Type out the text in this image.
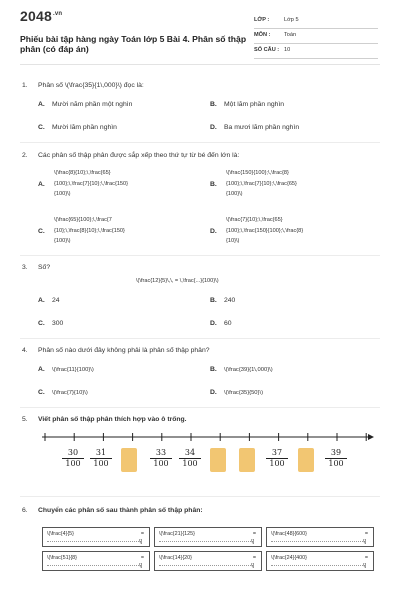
$2048^{.vn}$
Phiếu bài tập hàng ngày Toán lớp 5 Bài 4. Phân số thập phân (có đáp án)
LỚP :	Lớp 5
MÔN : Toán
SỐ CÂU : 10
1. Phân số \(\frac{35}{1\,000}\) đọc là:
A. Mười năm phần một nghìn	B. Một lăm phần nghìn
C. Mười lăm phần nghìn	D. Ba mươi lăm phần nghìn
2. Các phân số thập phân được sắp xếp theo thứ tự từ bé đến lớn là:
A.
\(\frac{8}{10};\,\frac{65}
{100};\,\frac{7}{10};\,\frac{150}
{100}\)
B.
\(\frac{150}{100};\,\frac{8}
{100};\,\frac{7}{10};\,\frac{65}
{100}\)
C.
\(\frac{65}{100};\,\frac{7
{10};\,\frac{8}{10};\,\frac{150}
{100}\)
D.
\(\frac{7}{10};\,\frac{65}
{100};\,\frac{150}{100};\,\frac{8}
{10}\)
3. Số?
\(\frac{12}{5}\,\, = \,\frac{...}{100}\)
A. 24	B. 240
C. 300	D. 60
4. Phân số nào dưới đây không phải là phân số thập phân?
A. \(\frac{11}{100}\)	B. \(\frac{39}{1\,000}\)
C. \(\frac{7}{10}\)	D. \(\frac{35}{50}\)
5. Viết phân số thập phân thích hợp vào ô trống.
$\frac{30}{100} \frac{31}{100}$	$\frac{33}{100} \frac{34}{100}$	$\frac{37}{100}$	$\frac{39}{100}$
6. Chuyển các phân số sau thành phân số thập phân:
\(\frac{4}{5}	=
\]
\(\frac{21}{125}	=
\]
\(\frac{48}{600}	=
\]
\(\frac{51}{8}	=
\]
\(\frac{14}{20}	=
\]
\(\frac{24}{400}	=
\]
